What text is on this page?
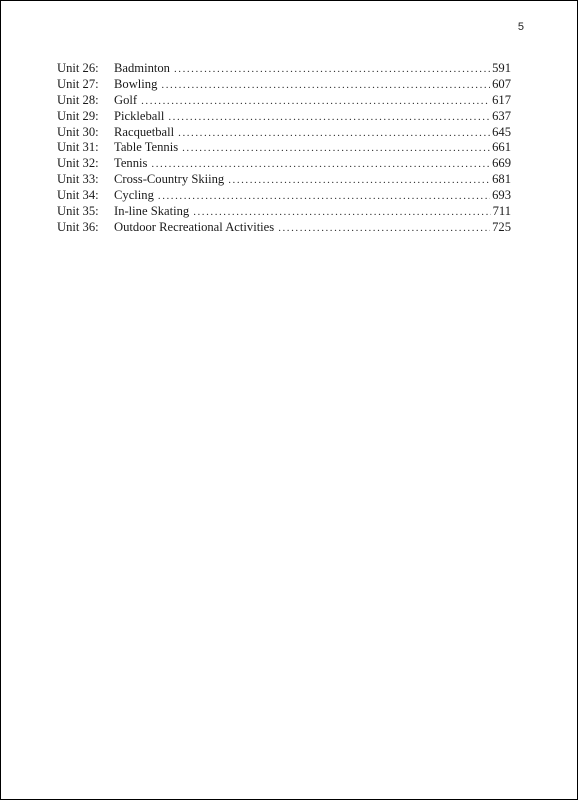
5
Unit 26:	Badminton . . .	591
Unit 27:	Bowling . . .	607
Unit 28:	Golf . . .	617
Unit 29:	Pickleball . . .	637
Unit 30:	Racquetball . . .	645
Unit 31:	Table Tennis . . .	661
Unit 32:	Tennis . . .	669
Unit 33:	Cross-Country Skiing . . .	681
Unit 34:	Cycling . . .	693
Unit 35:	In-line Skating . . .	711
Unit 36:	Outdoor Recreational Activities . . .	725
